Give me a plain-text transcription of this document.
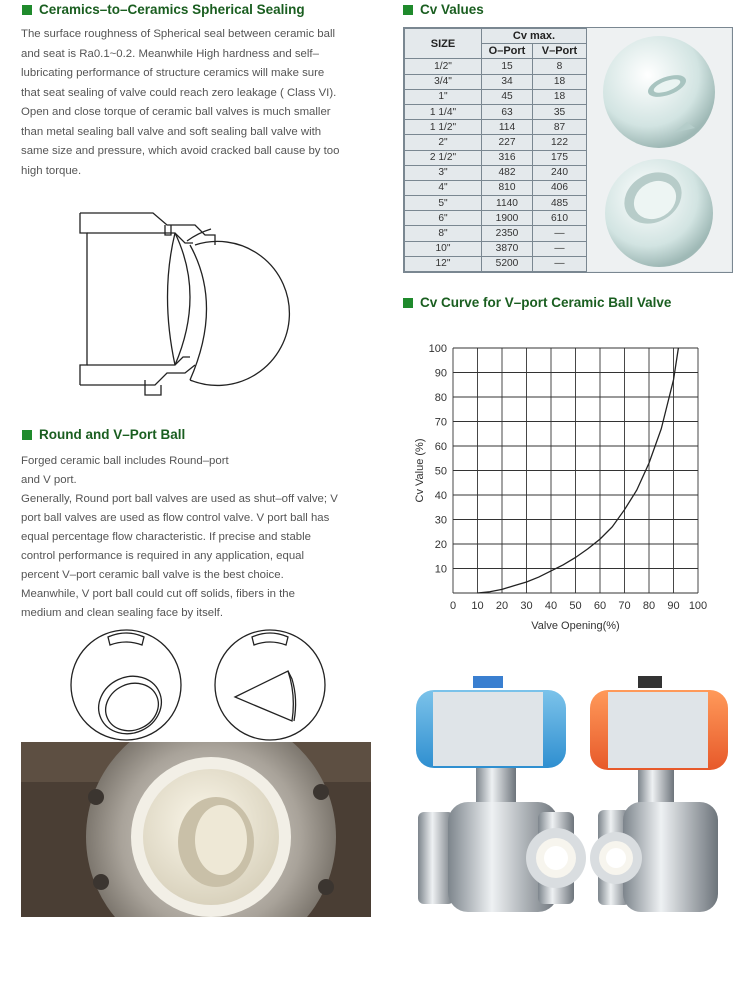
Ceramics–to–Ceramics Spherical Sealing

The surface roughness of Spherical seal between ceramic ball

and seat is Ra0.1~0.2. Meanwhile High hardness and self–

lubricating performance of structure ceramics will make sure

that seat sealing of valve could reach zero leakage ( Class VI).

Open and close torque of ceramic ball valves is much smaller

than metal sealing ball valve and soft sealing ball valve with

same size and pressure, which avoid cracked ball cause by too

high torque.

Round and V–Port Ball

Forged ceramic ball includes Round–port

and V port.

Generally, Round port ball valves are used as shut–off valve; V

port ball valves are used as flow control valve. V port ball has

equal percentage flow characteristic. If precise and stable

control performance is required in any application, equal

percent V–port ceramic ball valve is the best choice.

Meanwhile, V port ball could cut off solids, fibers in the

medium and clean sealing face by itself.

Cv Values
SIZE	Cv max.	
	O–Port	V–Port
1/2"	15	8
3/4"	34	18
1"	45	18
1 1/4"	63	35
1 1/2"	114	87
2"	227	122
2 1/2"	316	175
3"	482	240
4"	810	406
5"	1140	485
6"	1900	610
8"	2350	—
10"	3870	—
12"	5200	—
Cv Curve for V–port Ceramic Ball Valve
0 10 20 30 40 50 60 70 80 90 100
10
20
30
40
50
60
70
80
90
100
Valve Opening(%)
Cv Value (%)
